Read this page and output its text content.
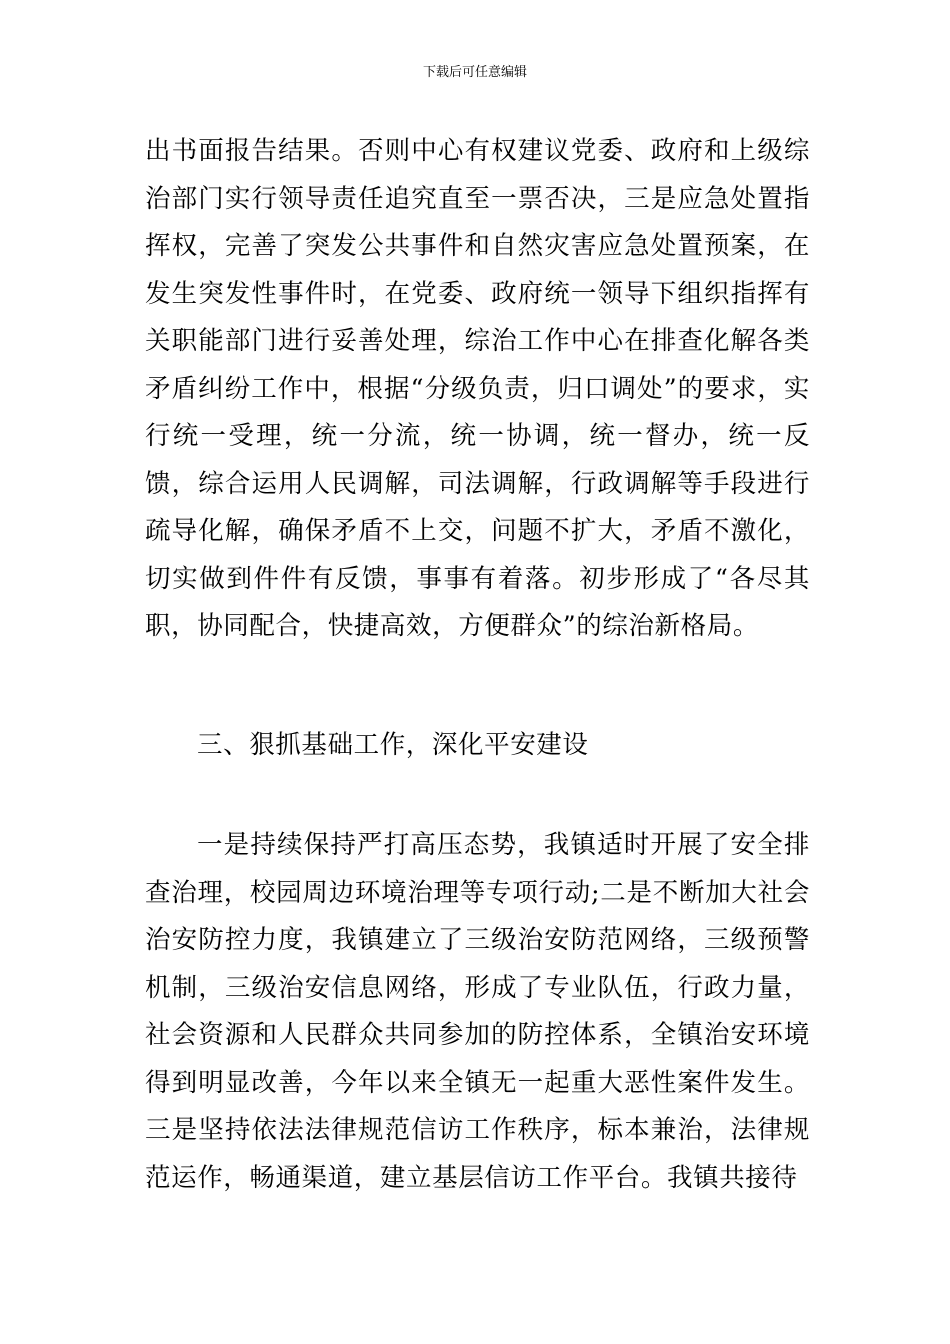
下载后可任意编辑

出书面报告结果。否则中心有权建议党委、政府和上级综治部门实行领导责任追究直至一票否决，三是应急处置指挥权，完善了突发公共事件和自然灾害应急处置预案，在发生突发性事件时，在党委、政府统一领导下组织指挥有关职能部门进行妥善处理，综治工作中心在排查化解各类矛盾纠纷工作中，根据“分级负责，归口调处”的要求，实行统一受理，统一分流，统一协调，统一督办，统一反馈，综合运用人民调解，司法调解，行政调解等手段进行疏导化解，确保矛盾不上交，问题不扩大，矛盾不激化，切实做到件件有反馈，事事有着落。初步形成了“各尽其职，协同配合，快捷高效，方便群众”的综治新格局。

三、狠抓基础工作，深化平安建设

一是持续保持严打高压态势，我镇适时开展了安全排查治理，校园周边环境治理等专项行动;二是不断加大社会治安防控力度，我镇建立了三级治安防范网络，三级预警机制，三级治安信息网络，形成了专业队伍，行政力量，社会资源和人民群众共同参加的防控体系，全镇治安环境得到明显改善，今年以来全镇无一起重大恶性案件发生。三是坚持依法法律规范信访工作秩序，标本兼治，法律规范运作，畅通渠道，建立基层信访工作平台。我镇共接待
